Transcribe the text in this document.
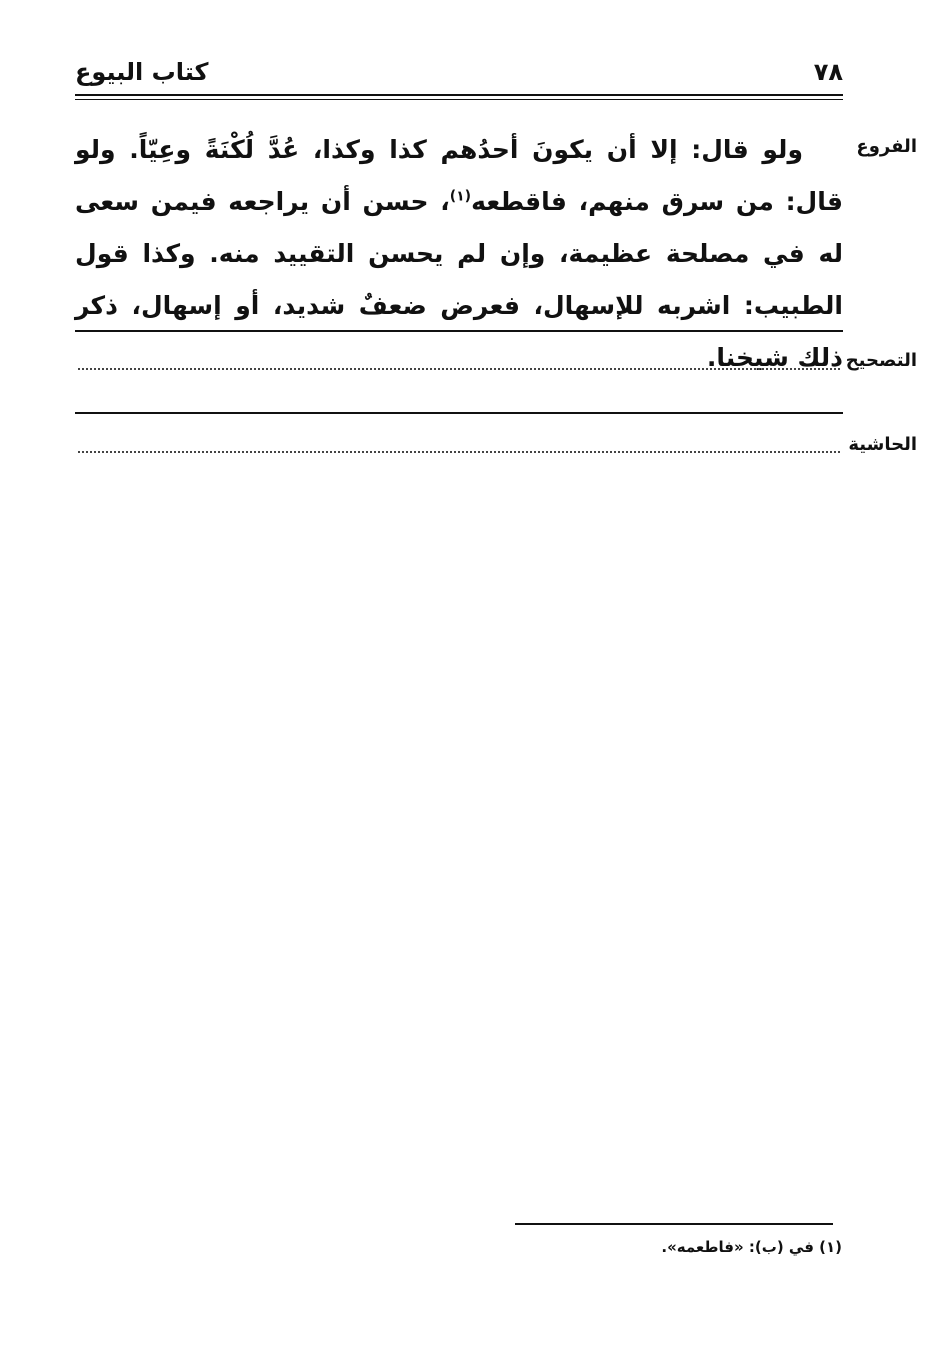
٧٨
كتاب البيوع
الفروع

ولو قال: إلا أن يكونَ أحدُهم كذا وكذا، عُدَّ لُكْنَةً وعِيّاً. ولو قال: من سرق منهم، فاقطعه$^{(١)}$، حسن أن يراجعه فيمن سعى له في مصلحة عظيمة، وإن لم يحسن التقييد منه. وكذا قول الطبيب: اشربه للإسهال، فعرض ضعفٌ شديد، أو إسهال، ذكر ذلك شيخنا. التصحيح
الحاشية
(١) في (ب): «فاطعمه».
